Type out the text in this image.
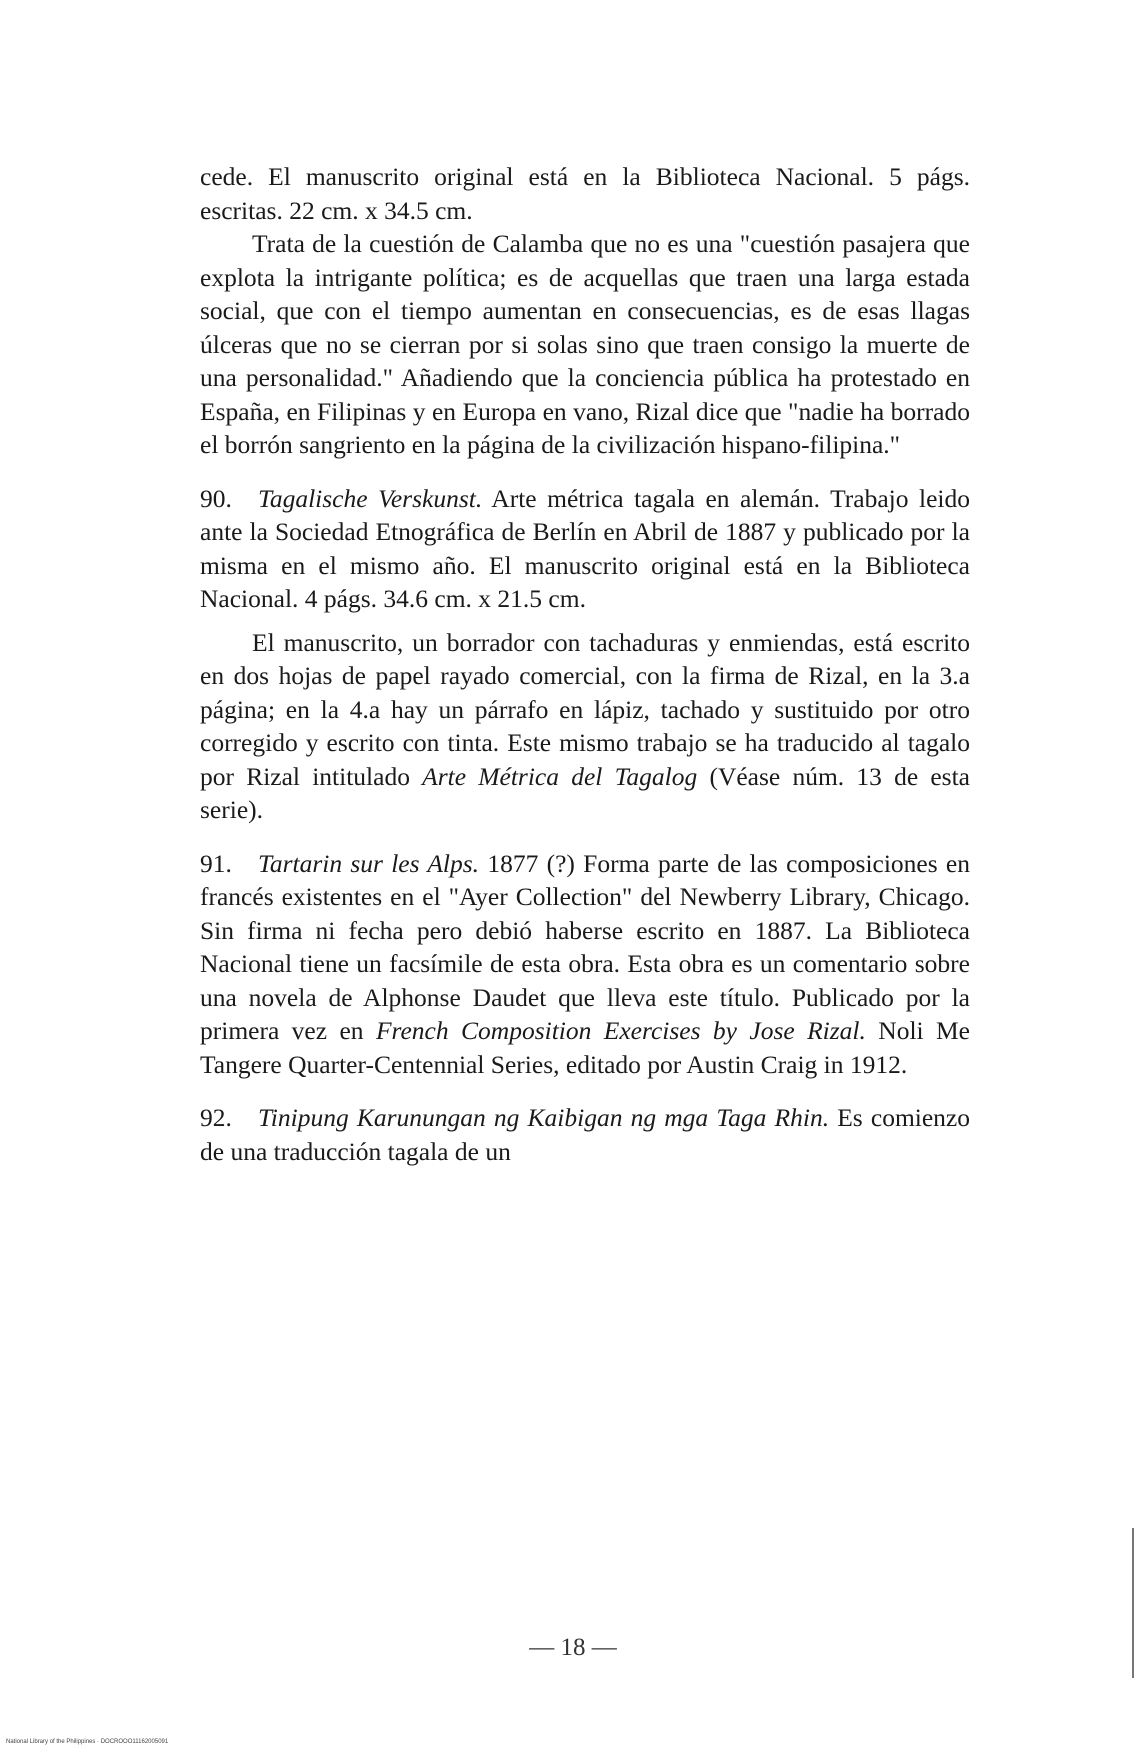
cede. El manuscrito original está en la Biblioteca Nacional. 5 págs. escritas. 22 cm. x 34.5 cm.

Trata de la cuestión de Calamba que no es una "cuestión pasajera que explota la intrigante política; es de acquellas que traen una larga estada social, que con el tiempo aumentan en consecuencias, es de esas llagas úlceras que no se cierran por si solas sino que traen consigo la muerte de una personalidad." Añadiendo que la conciencia pública ha protestado en España, en Filipinas y en Europa en vano, Rizal dice que "nadie ha borrado el borrón sangriento en la página de la civilización hispano-filipina."

90. Tagalische Verskunst. Arte métrica tagala en alemán. Trabajo leido ante la Sociedad Etnográfica de Berlín en Abril de 1887 y publicado por la misma en el mismo año. El manuscrito original está en la Biblioteca Nacional. 4 págs. 34.6 cm. x 21.5 cm.

El manuscrito, un borrador con tachaduras y enmiendas, está escrito en dos hojas de papel rayado comercial, con la firma de Rizal, en la 3.a página; en la 4.a hay un párrafo en lápiz, tachado y sustituido por otro corregido y escrito con tinta. Este mismo trabajo se ha traducido al tagalo por Rizal intitulado Arte Métrica del Tagalog (Véase núm. 13 de esta serie).

91. Tartarin sur les Alps. 1877 (?) Forma parte de las composiciones en francés existentes en el "Ayer Collection" del Newberry Library, Chicago. Sin firma ni fecha pero debió haberse escrito en 1887. La Biblioteca Nacional tiene un facsímile de esta obra. Esta obra es un comentario sobre una novela de Alphonse Daudet que lleva este título. Publicado por la primera vez en French Composition Exercises by Jose Rizal. Noli Me Tangere Quarter-Centennial Series, editado por Austin Craig in 1912.

92. Tinipung Karunungan ng Kaibigan ng mga Taga Rhin. Es comienzo de una traducción tagala de un

— 18 —
National Library of the Philippines · DOCROOO11162005091
